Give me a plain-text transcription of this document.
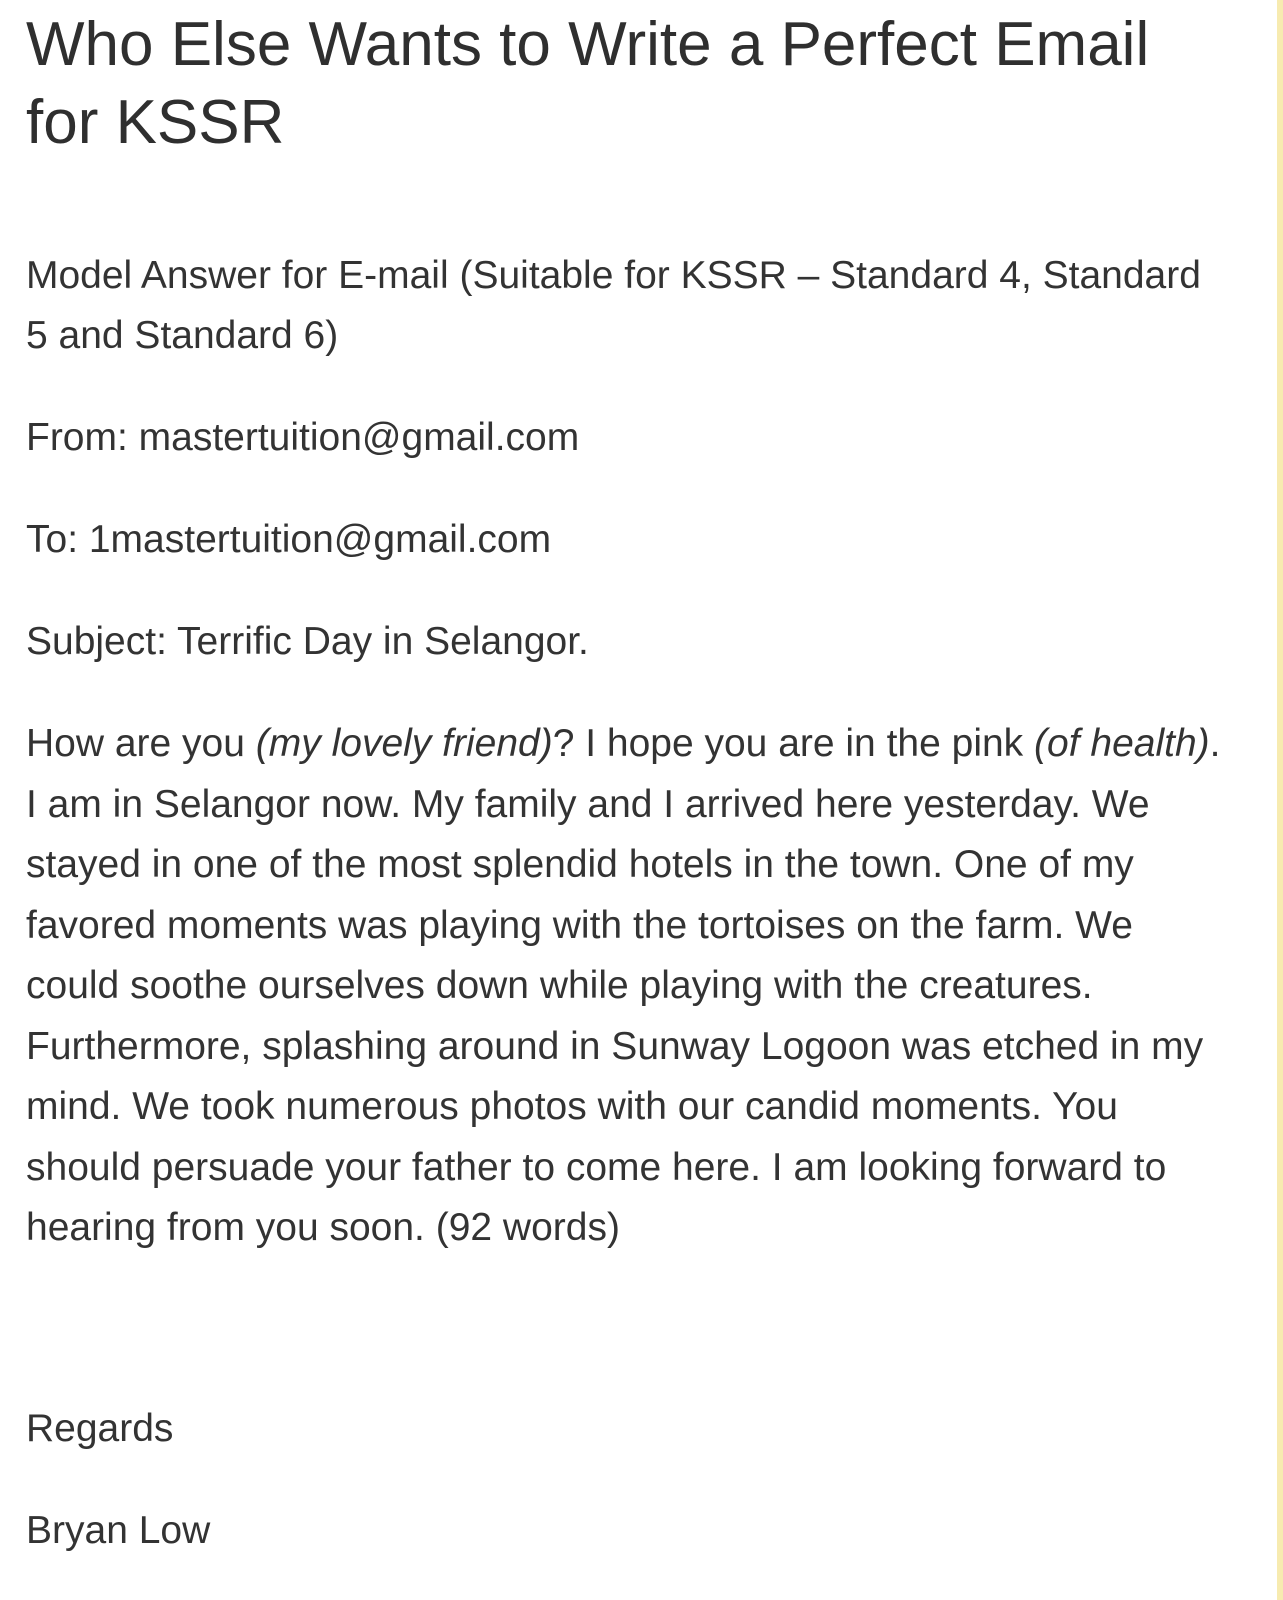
Who Else Wants to Write a Perfect Email for KSSR

Model Answer for E-mail (Suitable for KSSR – Standard 4, Standard 5 and Standard 6)

From: mastertuition@gmail.com

To: 1mastertuition@gmail.com

Subject: Terrific Day in Selangor.

How are you (my lovely friend)? I hope you are in the pink (of health). I am in Selangor now. My family and I arrived here yesterday. We stayed in one of the most splendid hotels in the town. One of my favored moments was playing with the tortoises on the farm. We could soothe ourselves down while playing with the creatures. Furthermore, splashing around in Sunway Logoon was etched in my mind. We took numerous photos with our candid moments. You should persuade your father to come here. I am looking forward to hearing from you soon. (92 words)

Regards

Bryan Low
